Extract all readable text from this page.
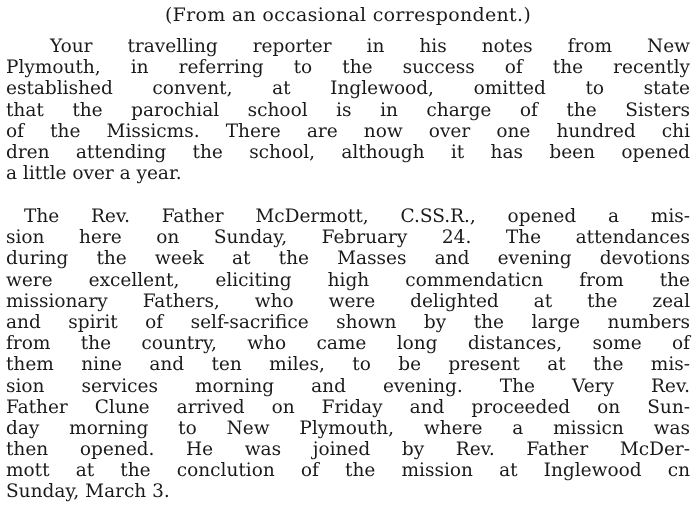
(From an occasional correspondent.)
Your travelling reporter in his notes from New
Plymouth, in referring to the success of the recently
established convent, at Inglewood, omitted to state
that the parochial school is in charge of the Sisters
of the Missicms. There are now over one hundred chi
dren attending the school, although it has been opened
a little over a year.
The Rev. Father McDermott, C.SS.R., opened a mis-
sion here on Sunday, February 24. The attendances
during the week at the Masses and evening devotions
were excellent, eliciting high commendaticn from the
missionary Fathers, who were delighted at the zeal
and spirit of self-sacrifice shown by the large numbers
from the country, who came long distances, some of
them nine and ten miles, to be present at the mis-
sion services morning and evening. The Very Rev.
Father Clune arrived on Friday and proceeded on Sun-
day morning to New Plymouth, where a missicn was
then opened. He was joined by Rev. Father McDer-
mott at the conclution of the mission at Inglewood cn
Sunday, March 3.
